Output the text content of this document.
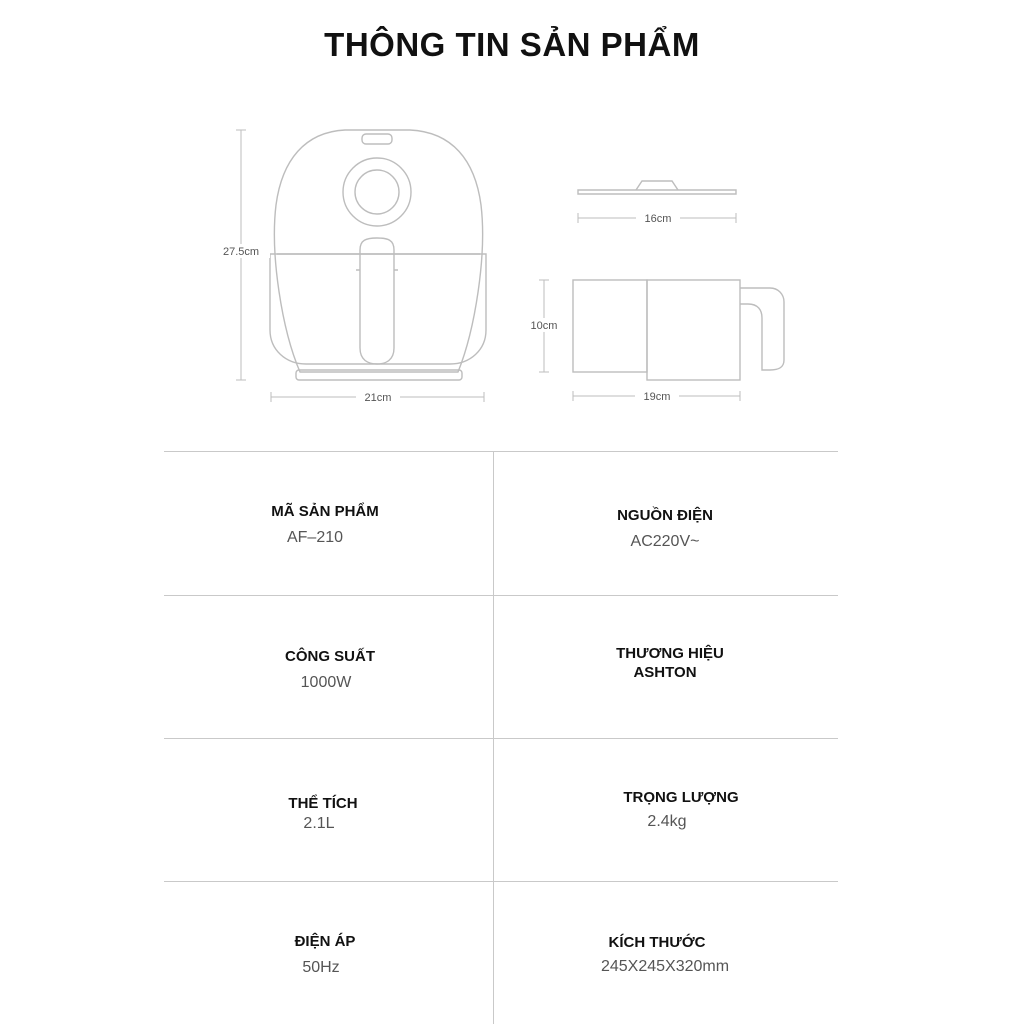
THÔNG TIN SẢN PHẨM
27.5cm
21cm
16cm
10cm
19cm
MÃ SẢN PHẨM
AF–210
NGUỒN ĐIỆN
AC220V~
CÔNG SUẤT
1000W
THƯƠNG HIỆU
ASHTON
THỂ TÍCH
2.1L
TRỌNG LƯỢNG
2.4kg
ĐIỆN ÁP
50Hz
KÍCH THƯỚC
245X245X320mm
